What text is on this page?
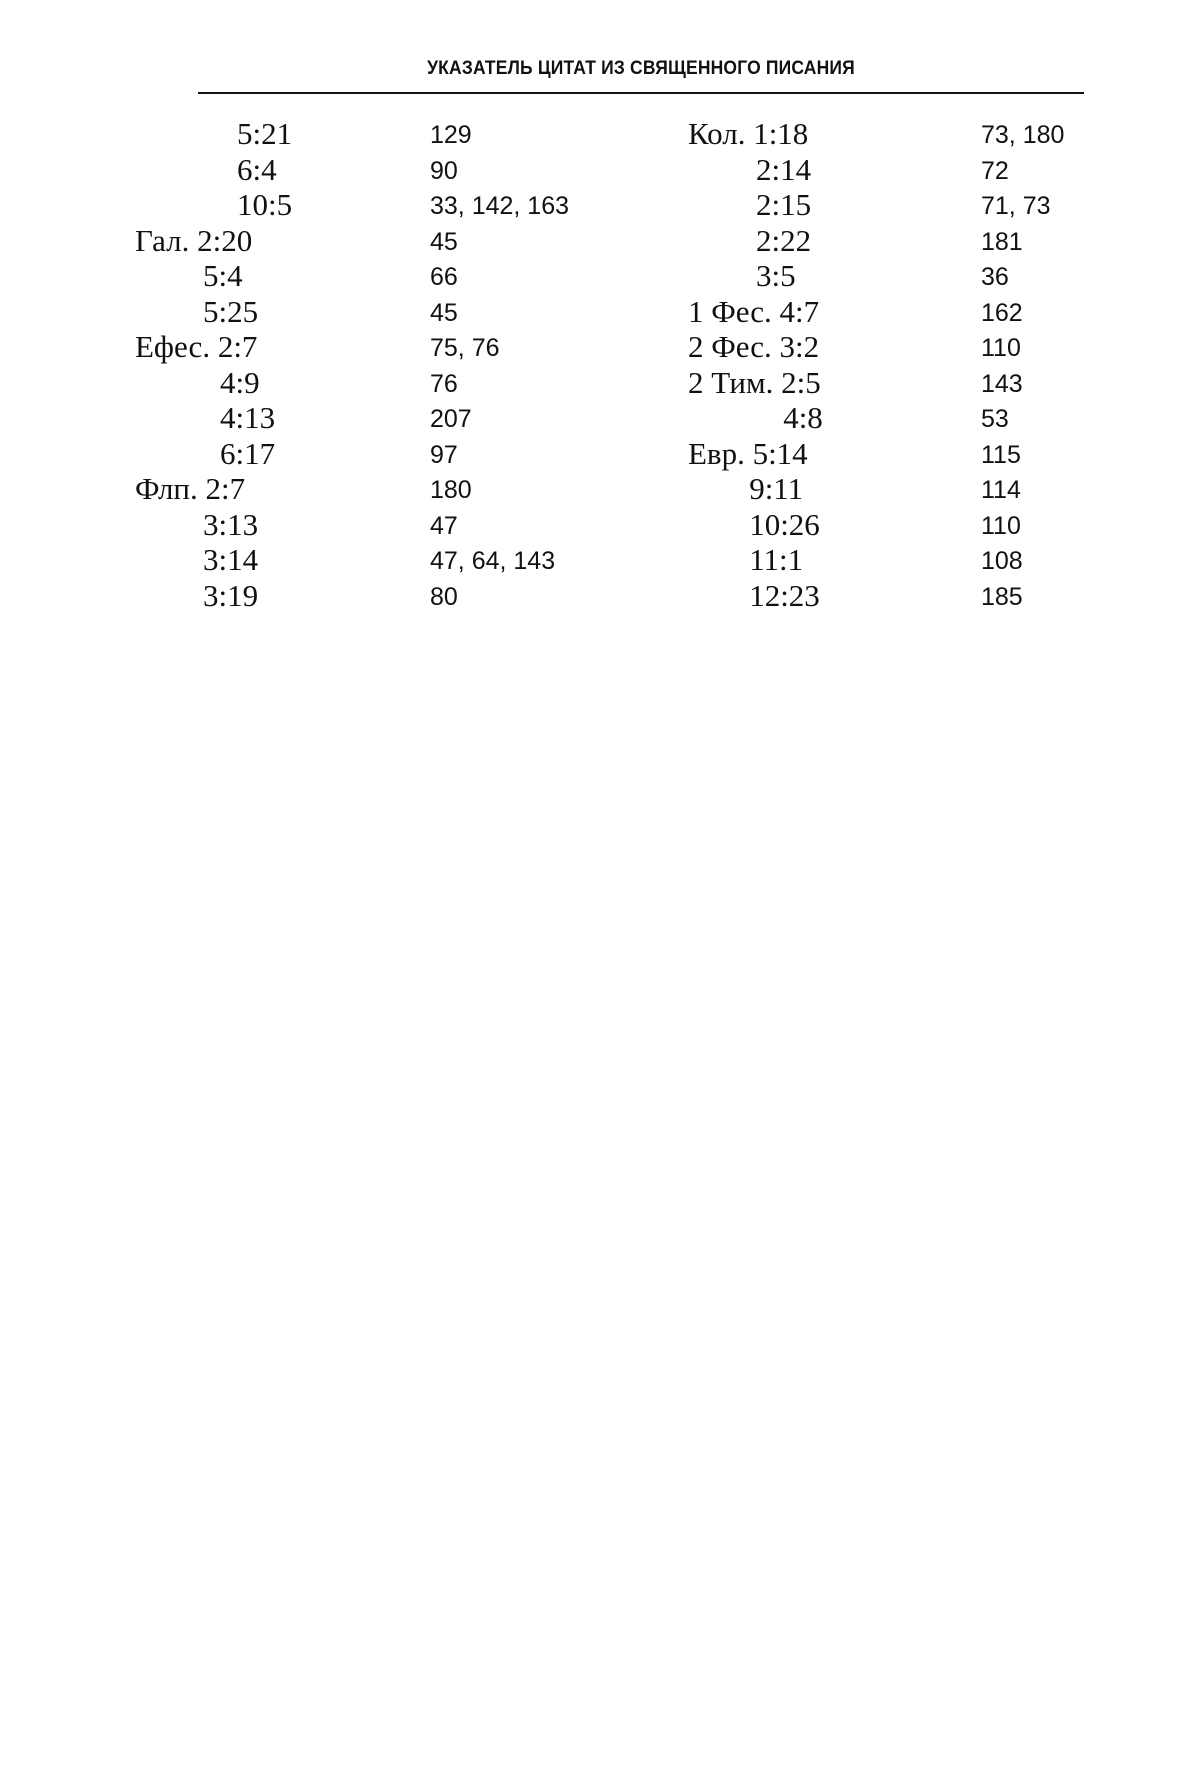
УКАЗАТЕЛЬ ЦИТАТ ИЗ СВЯЩЕННОГО ПИСАНИЯ
5:21	129
6:4	90
10:5	33, 142, 163
Гал. 2:20	45
5:4	66
5:25	45
Ефес. 2:7	75, 76
4:9	76
4:13	207
6:17	97
Флп. 2:7	180
3:13	47
3:14	47, 64, 143
3:19	80
Кол. 1:18	73, 180
2:14	72
2:15	71, 73
2:22	181
3:5	36
1 Фес. 4:7	162
2 Фес. 3:2	110
2 Тим. 2:5	143
4:8	53
Евр. 5:14	115
9:11	114
10:26	110
11:1	108
12:23	185
